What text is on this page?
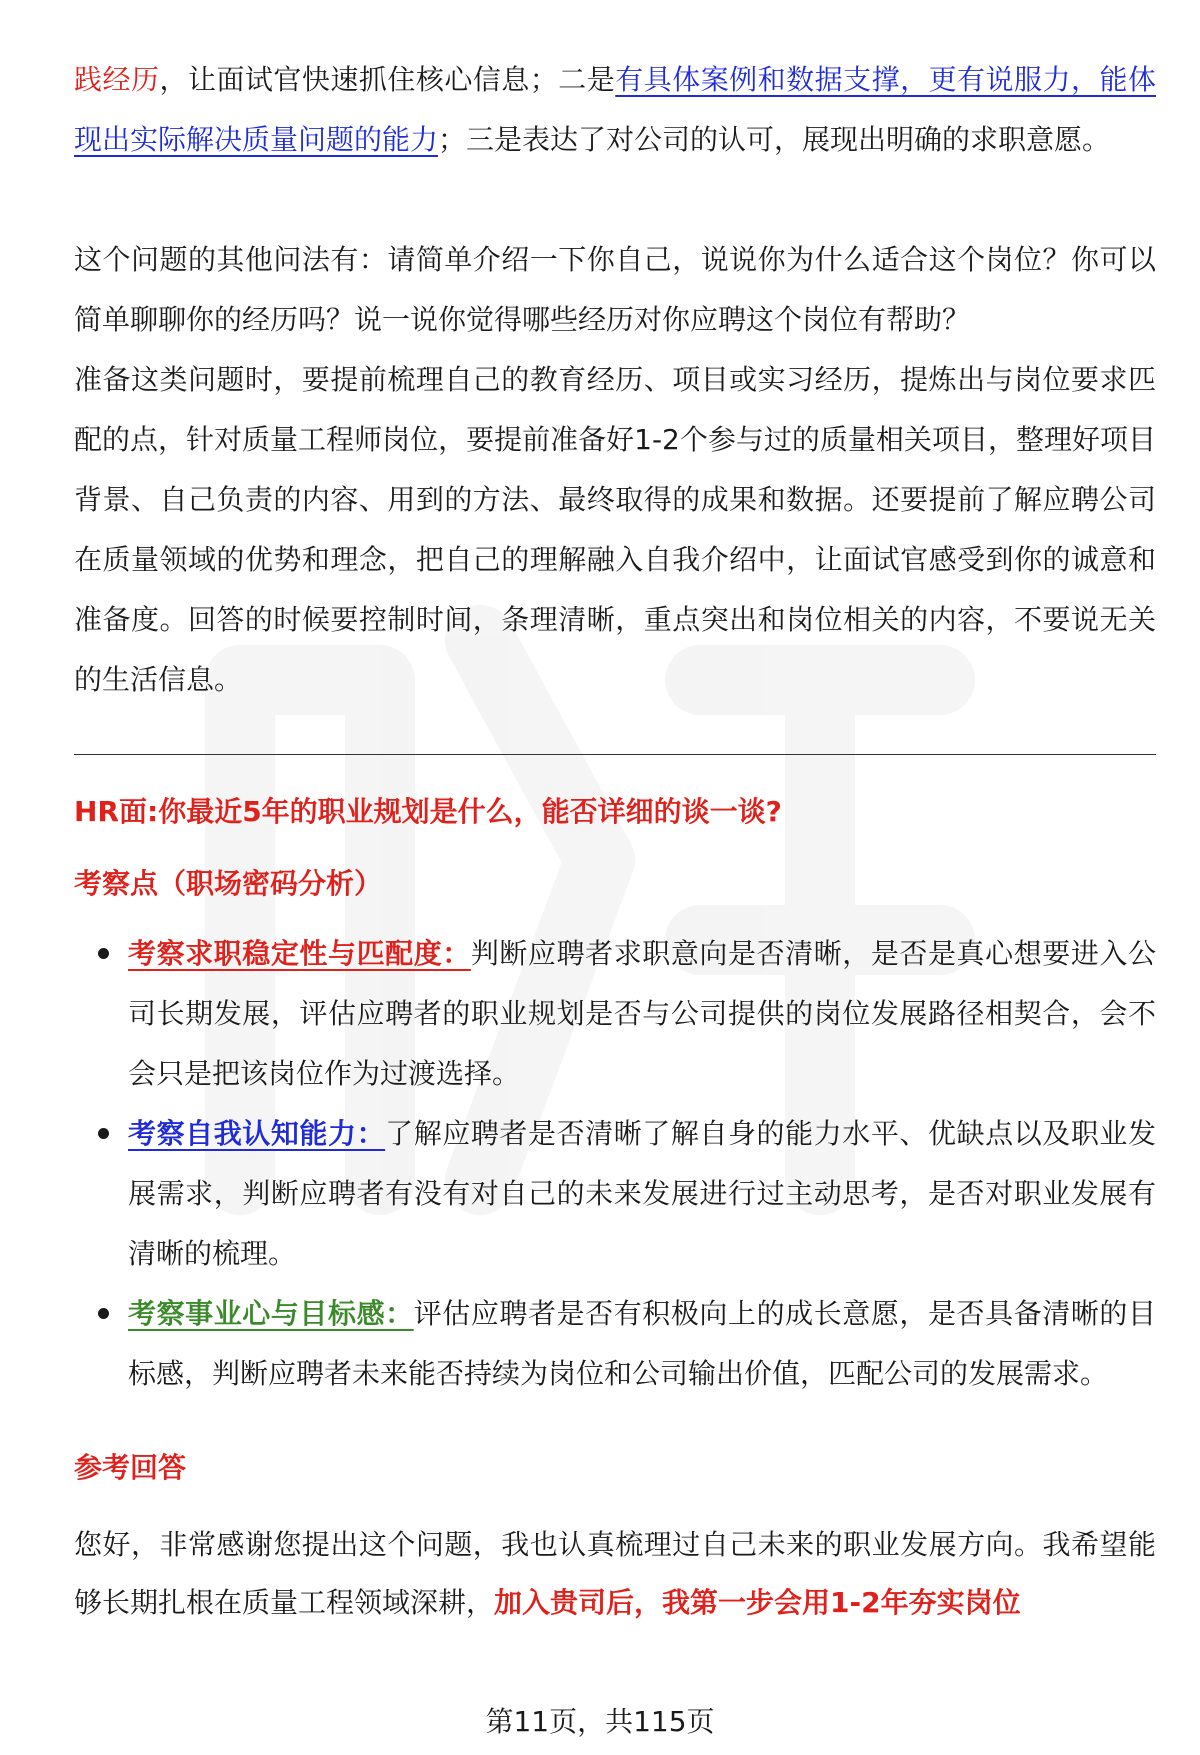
践经历，让面试官快速抓住核心信息；二是有具体案例和数据支撑，更有说服力，能体现出实际解决质量问题的能力；三是表达了对公司的认可，展现出明确的求职意愿。

这个问题的其他问法有：请简单介绍一下你自己，说说你为什么适合这个岗位？你可以简单聊聊你的经历吗？说一说你觉得哪些经历对你应聘这个岗位有帮助？

准备这类问题时，要提前梳理自己的教育经历、项目或实习经历，提炼出与岗位要求匹配的点，针对质量工程师岗位，要提前准备好1-2个参与过的质量相关项目，整理好项目背景、自己负责的内容、用到的方法、最终取得的成果和数据。还要提前了解应聘公司在质量领域的优势和理念，把自己的理解融入自我介绍中，让面试官感受到你的诚意和准备度。回答的时候要控制时间，条理清晰，重点突出和岗位相关的内容，不要说无关的生活信息。

HR面:你最近5年的职业规划是什么，能否详细的谈一谈?
考察点（职场密码分析）
考察求职稳定性与匹配度：判断应聘者求职意向是否清晰，是否是真心想要进入公司长期发展，评估应聘者的职业规划是否与公司提供的岗位发展路径相契合，会不会只是把该岗位作为过渡选择。
考察自我认知能力：了解应聘者是否清晰了解自身的能力水平、优缺点以及职业发展需求，判断应聘者有没有对自己的未来发展进行过主动思考，是否对职业发展有清晰的梳理。
考察事业心与目标感：评估应聘者是否有积极向上的成长意愿，是否具备清晰的目标感，判断应聘者未来能否持续为岗位和公司输出价值，匹配公司的发展需求。
参考回答

您好，非常感谢您提出这个问题，我也认真梳理过自己未来的职业发展方向。我希望能够长期扎根在质量工程领域深耕，加入贵司后，我第一步会用1-2年夯实岗位

第11页，共115页
